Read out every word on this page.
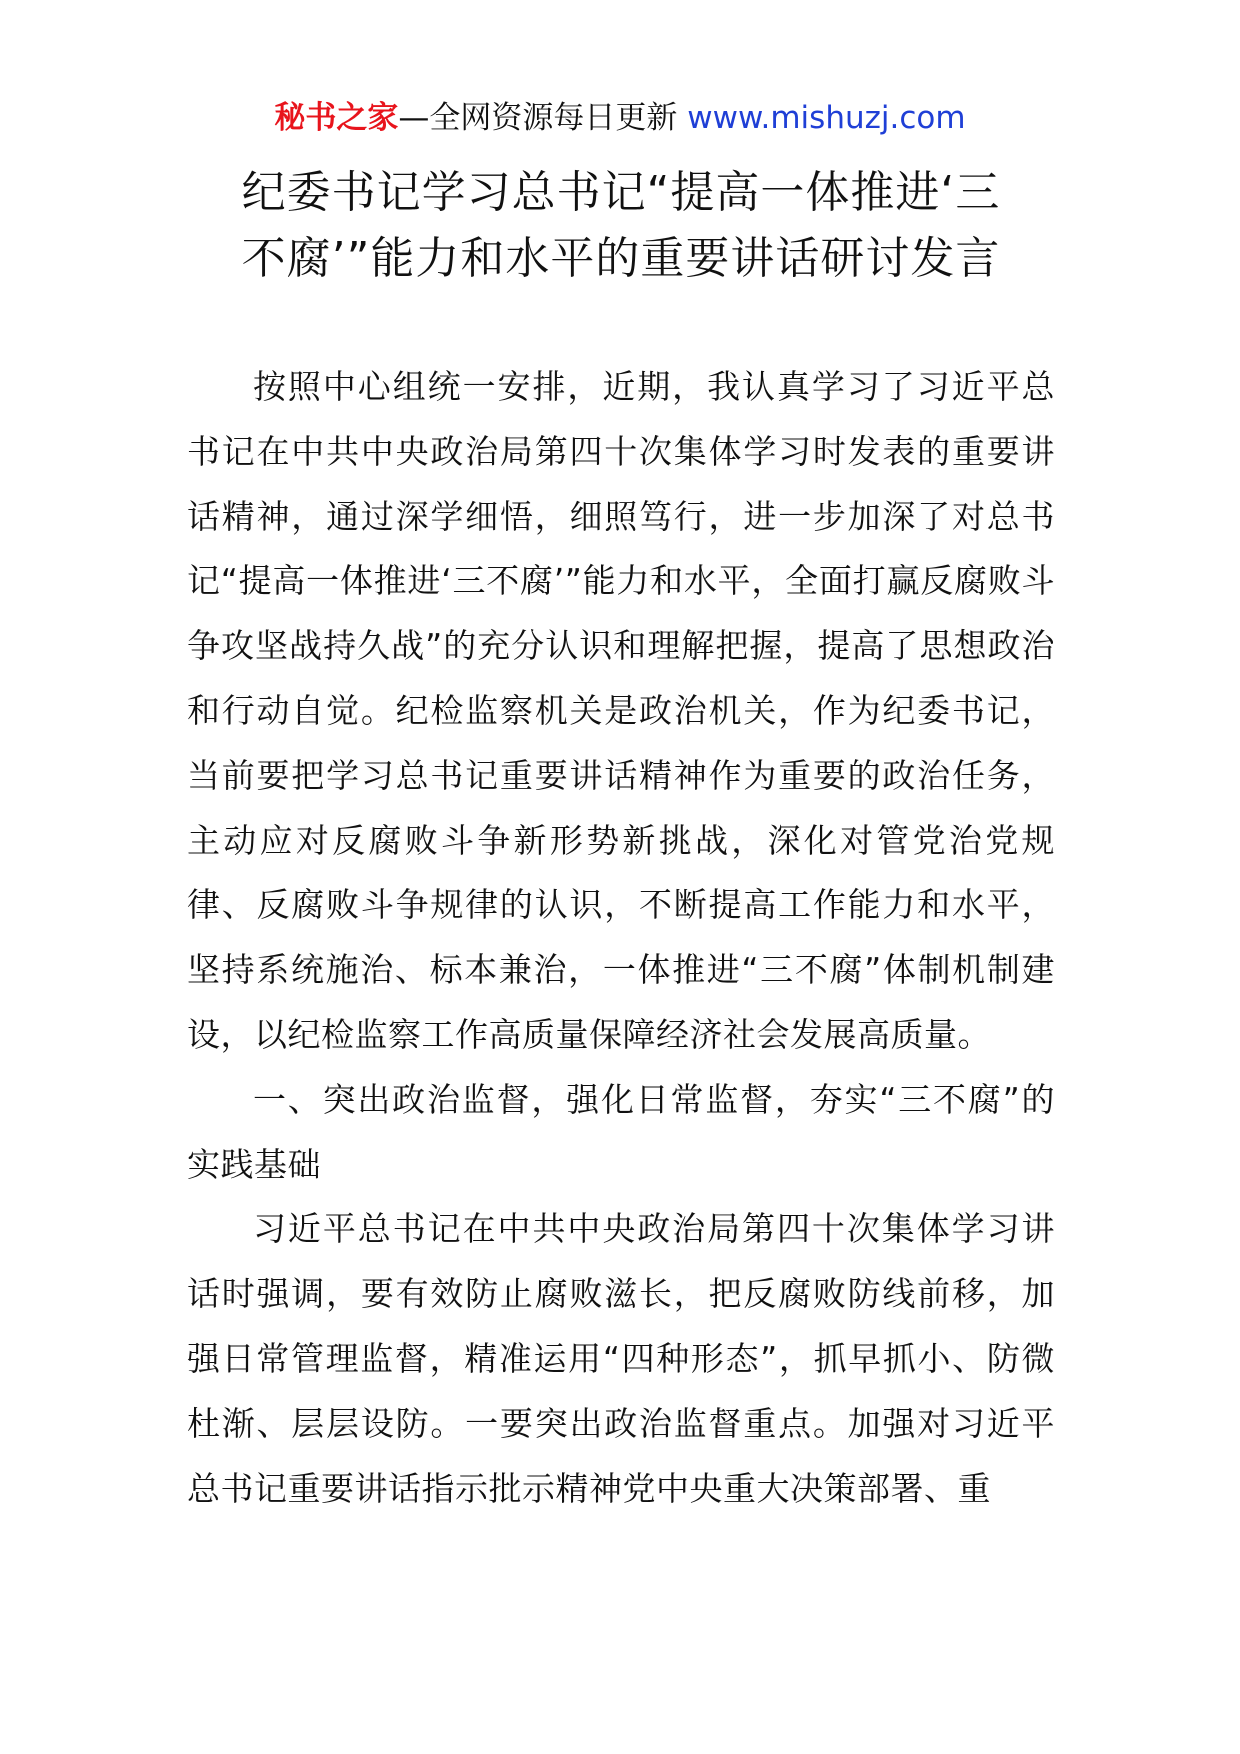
秘书之家—全网资源每日更新 www.mishuzj.com
纪委书记学习总书记“提高一体推进‘三
不腐’”能力和水平的重要讲话研讨发言

按照中心组统一安排，近期，我认真学习了习近平总书记在中共中央政治局第四十次集体学习时发表的重要讲话精神，通过深学细悟，细照笃行，进一步加深了对总书记“提高一体推进‘三不腐’”能力和水平，全面打赢反腐败斗争攻坚战持久战”的充分认识和理解把握，提高了思想政治和行动自觉。纪检监察机关是政治机关，作为纪委书记，当前要把学习总书记重要讲话精神作为重要的政治任务，主动应对反腐败斗争新形势新挑战，深化对管党治党规律、反腐败斗争规律的认识，不断提高工作能力和水平，坚持系统施治、标本兼治，一体推进“三不腐”体制机制建设，以纪检监察工作高质量保障经济社会发展高质量。

一、突出政治监督，强化日常监督，夯实“三不腐”的实践基础

习近平总书记在中共中央政治局第四十次集体学习讲话时强调，要有效防止腐败滋长，把反腐败防线前移，加强日常管理监督，精准运用“四种形态”，抓早抓小、防微杜渐、层层设防。一要突出政治监督重点。加强对习近平总书记重要讲话指示批示精神党中央重大决策部署、重
